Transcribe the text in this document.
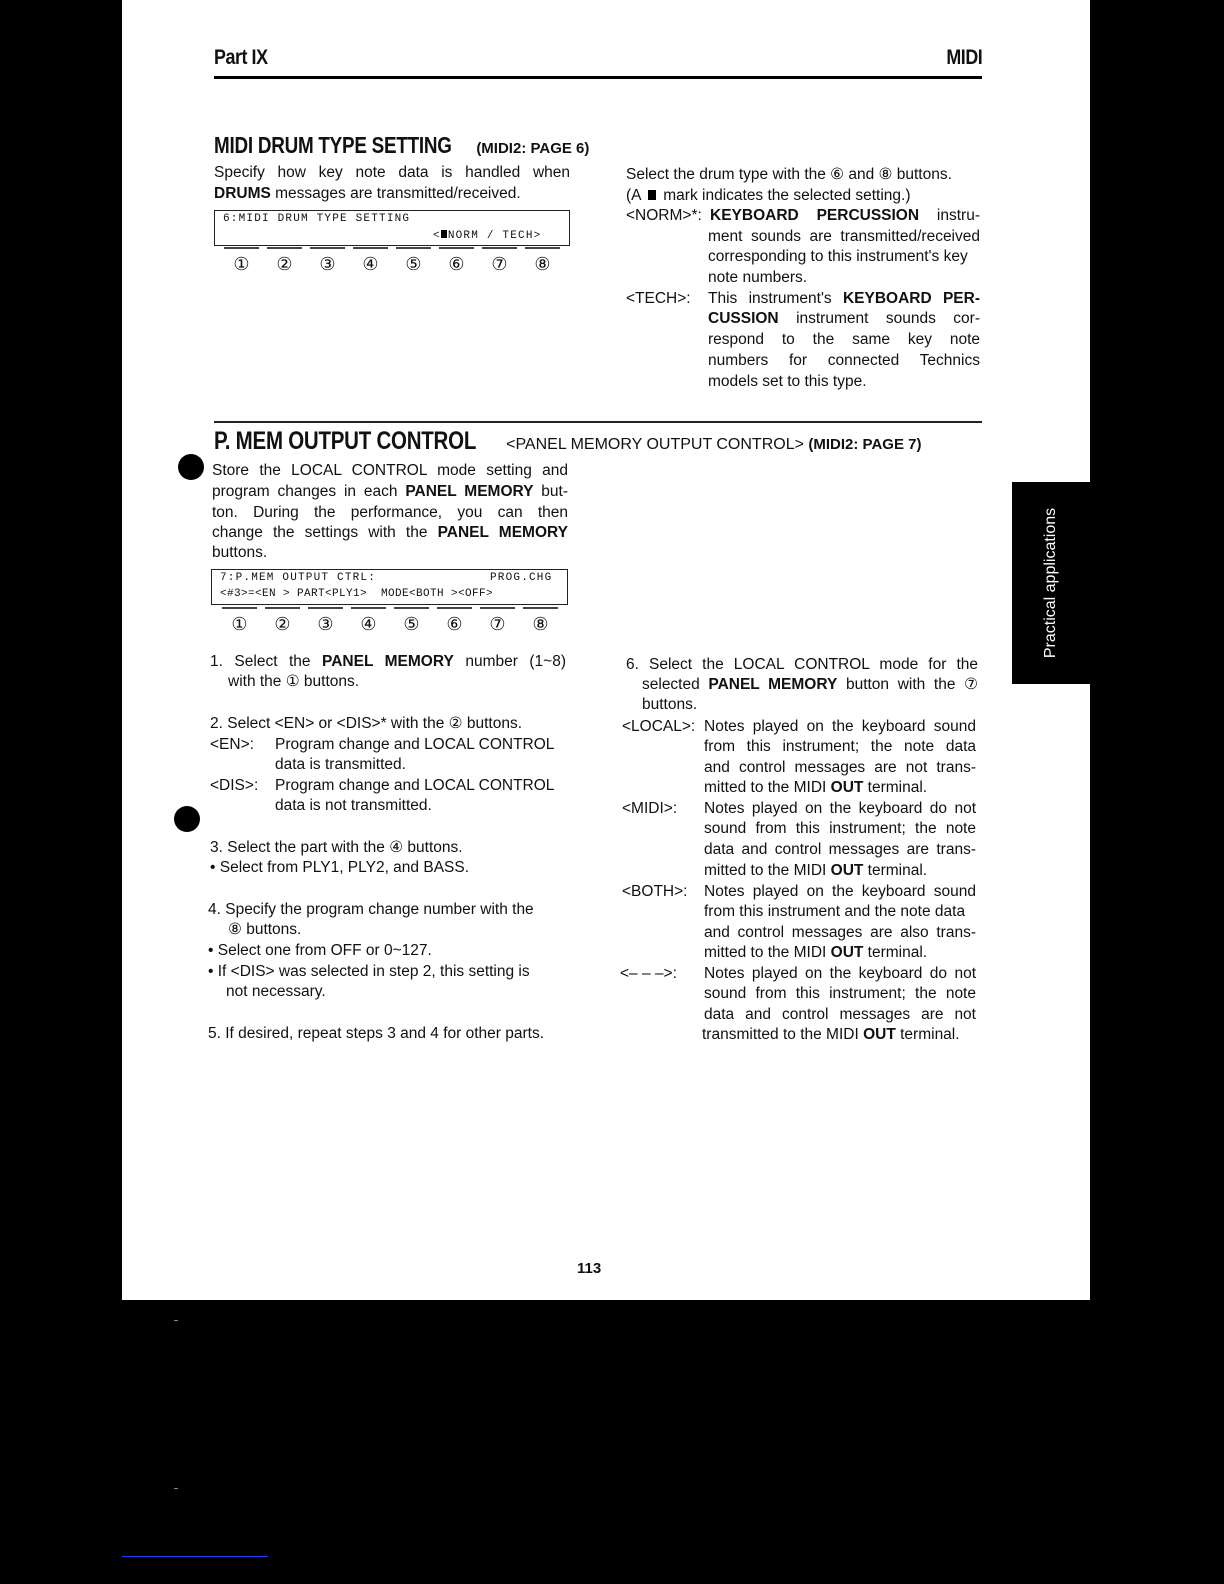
Part IX	MIDI
MIDI DRUM TYPE SETTING (MIDI2: PAGE 6)
Specify how key note data is handled when
DRUMS messages are transmitted/received.
6:MIDI DRUM TYPE SETTING
< NORM / TECH>
①	②	③	④	⑤	⑥	⑦	⑧
Select the drum type with the ⑥ and ⑧ buttons.
(A  mark indicates the selected setting.)
<NORM>*: KEYBOARD PERCUSSION instru-
ment sounds are transmitted/received
corresponding to this instrument's key
note numbers.
<TECH>: This instrument's KEYBOARD PER-
CUSSION instrument sounds cor-
respond to the same key note
numbers for connected Technics
models set to this type.
P. MEM OUTPUT CONTROL <PANEL MEMORY OUTPUT CONTROL> (MIDI2: PAGE 7)
Store the LOCAL CONTROL mode setting and
program changes in each PANEL MEMORY but-
ton. During the performance, you can then
change the settings with the PANEL MEMORY
buttons.
7:P.MEM OUTPUT CTRL:	PROG.CHG
<#3>=<EN > PART<PLY1>  MODE<BOTH ><OFF>
①	②	③	④	⑤	⑥	⑦	⑧
1. Select the PANEL MEMORY number (1~8)
with the ① buttons.
2. Select <EN> or <DIS>* with the ② buttons.
<EN>: Program change and LOCAL CONTROL
data is transmitted.
<DIS>: Program change and LOCAL CONTROL
data is not transmitted.
3. Select the part with the ④ buttons.
• Select from PLY1, PLY2, and BASS.
4. Specify the program change number with the
⑧ buttons.
• Select one from OFF or 0~127.
• If <DIS> was selected in step 2, this setting is
not necessary.
5. If desired, repeat steps 3 and 4 for other parts.
6. Select the LOCAL CONTROL mode for the
selected PANEL MEMORY button with the ⑦
buttons.
<LOCAL>: Notes played on the keyboard sound
from this instrument; the note data
and control messages are not trans-
mitted to the MIDI OUT terminal.
<MIDI>: Notes played on the keyboard do not
sound from this instrument; the note
data and control messages are trans-
mitted to the MIDI OUT terminal.
<BOTH>: Notes played on the keyboard sound
from this instrument and the note data
and control messages are also trans-
mitted to the MIDI OUT terminal.
<– – –>: Notes played on the keyboard do not
sound from this instrument; the note
data and control messages are not
transmitted to the MIDI OUT terminal.
113
Practical applications
